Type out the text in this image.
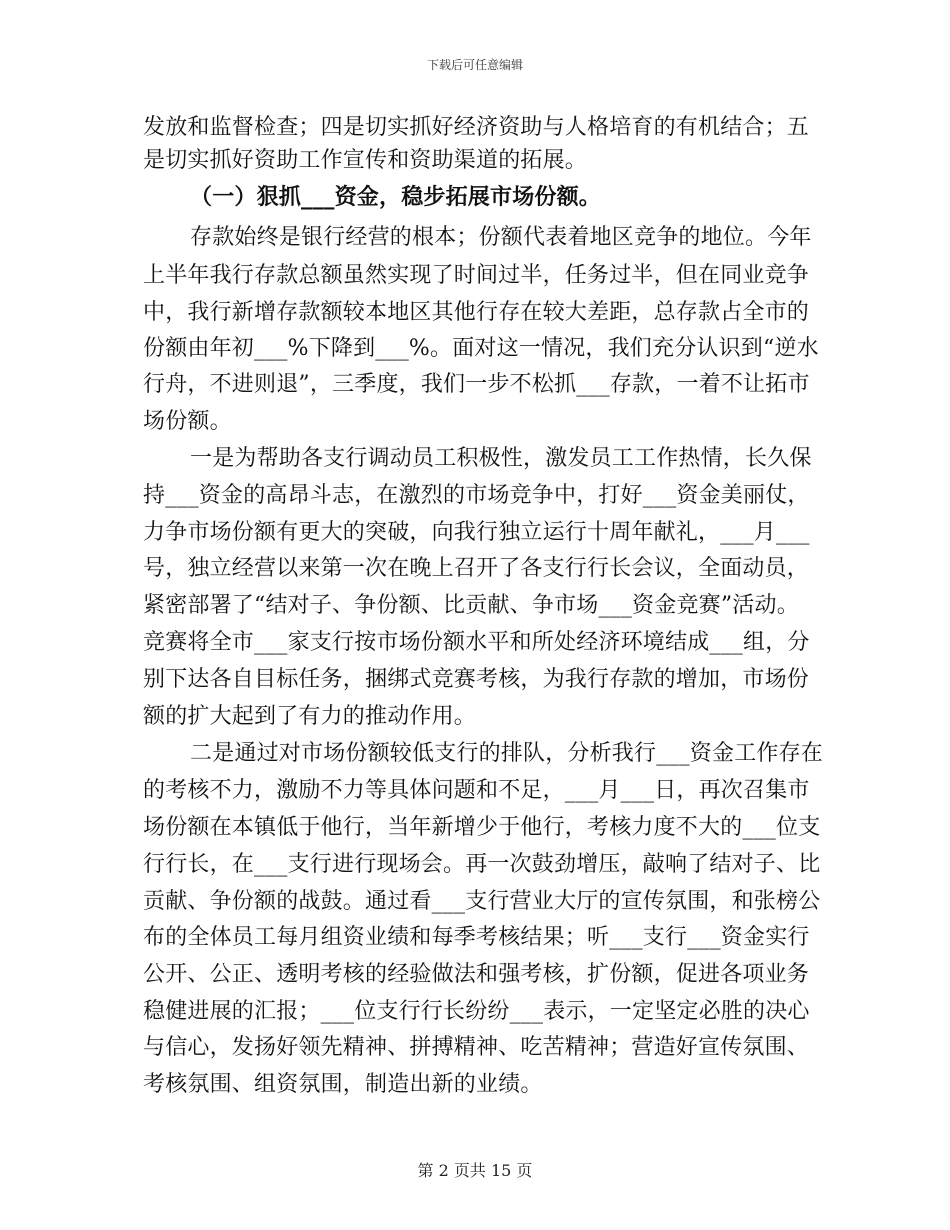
下载后可任意编辑
发放和监督检查；四是切实抓好经济资助与人格培育的有机结合；五
是切实抓好资助工作宣传和资助渠道的拓展。
（一）狠抓___资金，稳步拓展市场份额。
存款始终是银行经营的根本；份额代表着地区竞争的地位。今年
上半年我行存款总额虽然实现了时间过半，任务过半，但在同业竞争
中，我行新增存款额较本地区其他行存在较大差距，总存款占全市的
份额由年初___%下降到___%。面对这一情况，我们充分认识到“逆水
行舟，不进则退”，三季度，我们一步不松抓___存款，一着不让拓市
场份额。
一是为帮助各支行调动员工积极性，激发员工工作热情，长久保
持___资金的高昂斗志，在激烈的市场竞争中，打好___资金美丽仗，
力争市场份额有更大的突破，向我行独立运行十周年献礼，___月___
号，独立经营以来第一次在晚上召开了各支行行长会议，全面动员，
紧密部署了“结对子、争份额、比贡献、争市场___资金竞赛”活动。
竞赛将全市___家支行按市场份额水平和所处经济环境结成___组，分
别下达各自目标任务，捆绑式竞赛考核，为我行存款的增加，市场份
额的扩大起到了有力的推动作用。
二是通过对市场份额较低支行的排队，分析我行___资金工作存在
的考核不力，激励不力等具体问题和不足，___月___日，再次召集市
场份额在本镇低于他行，当年新增少于他行，考核力度不大的___位支
行行长，在___支行进行现场会。再一次鼓劲增压，敲响了结对子、比
贡献、争份额的战鼓。通过看___支行营业大厅的宣传氛围，和张榜公
布的全体员工每月组资业绩和每季考核结果；听___支行___资金实行
公开、公正、透明考核的经验做法和强考核，扩份额，促进各项业务
稳健进展的汇报；___位支行行长纷纷___表示，一定坚定必胜的决心
与信心，发扬好领先精神、拼搏精神、吃苦精神；营造好宣传氛围、
考核氛围、组资氛围，制造出新的业绩。
第 2 页共 15 页
